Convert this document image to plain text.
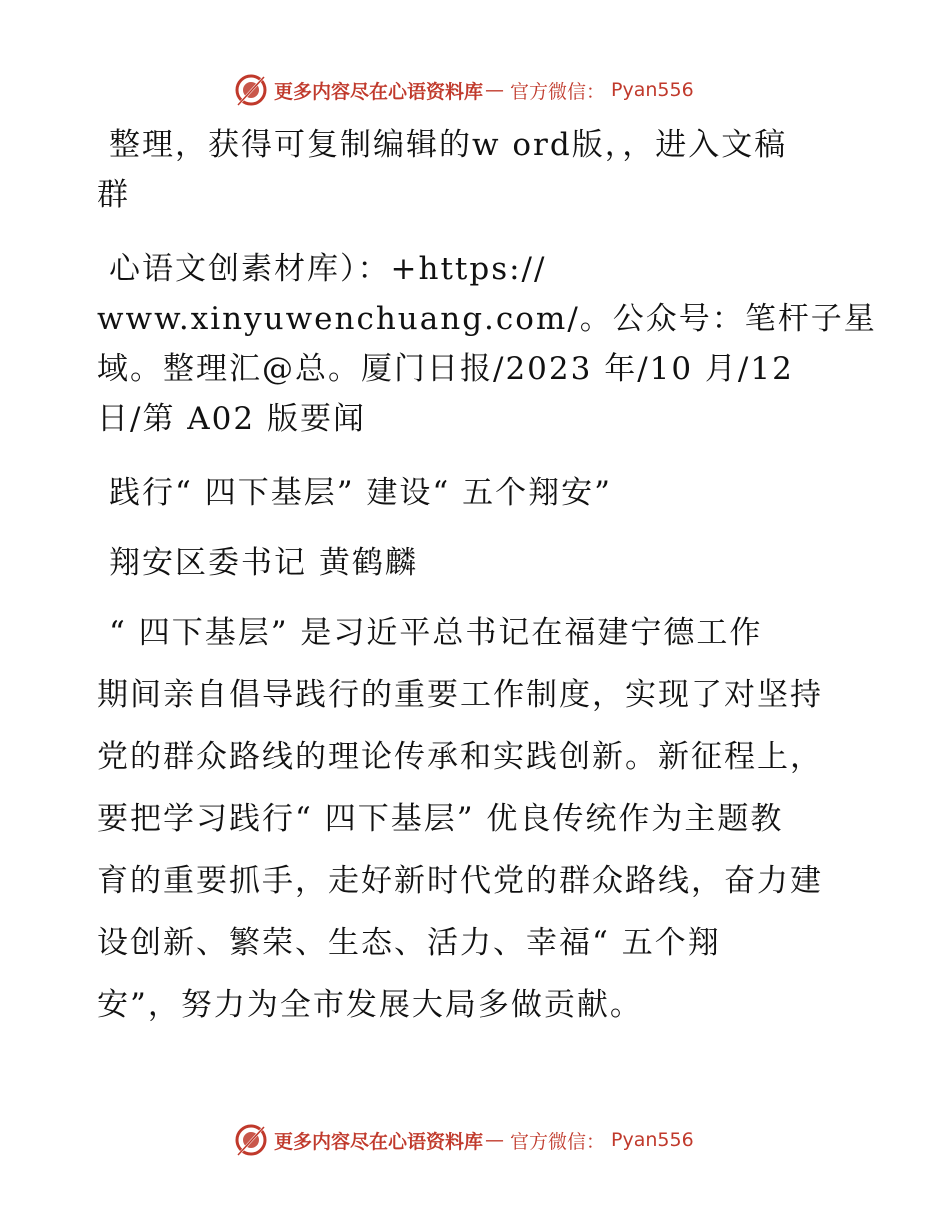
更多内容尽在心语资料库 — 官方微信： Pyan556
整理，获得可复制编辑的w ord版，，进入文稿
群
心语文创素材库）：+https://
www.xinyuwenchuang.com/。公众号：笔杆子星
域。整理汇@总。厦门日报/2023 年/10 月/12
日/第 A02 版要闻
践行“ 四下基层” 建设“ 五个翔安”
翔安区委书记 黄鹤麟
“ 四下基层” 是习近平总书记在福建宁德工作
期间亲自倡导践行的重要工作制度，实现了对坚持
党的群众路线的理论传承和实践创新。新征程上，
要把学习践行“ 四下基层” 优良传统作为主题教
育的重要抓手，走好新时代党的群众路线，奋力建
设创新、繁荣、生态、活力、幸福“ 五个翔
安”，努力为全市发展大局多做贡献。
更多内容尽在心语资料库 — 官方微信： Pyan556
